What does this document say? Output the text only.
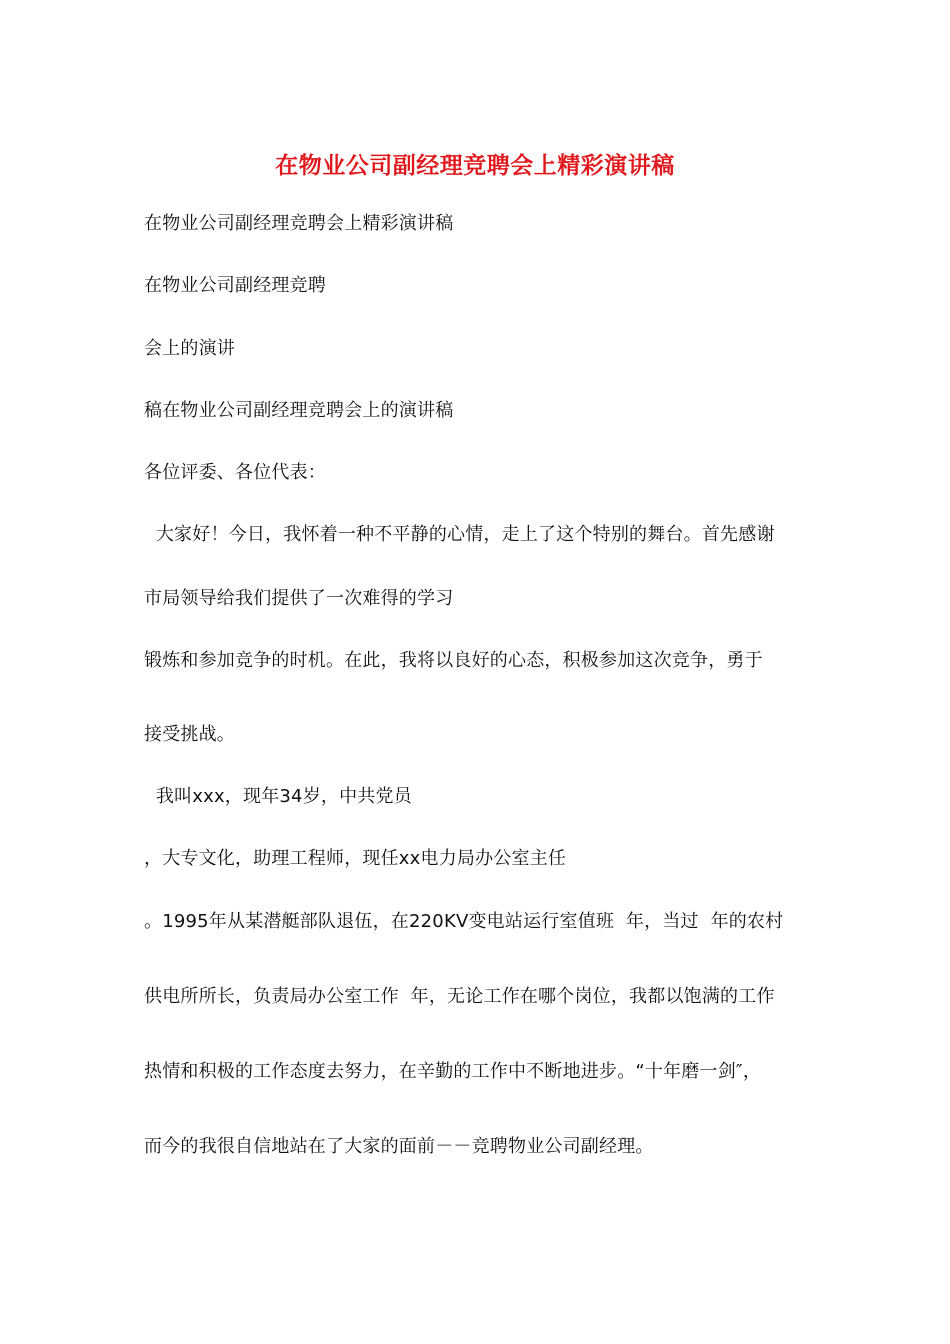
在物业公司副经理竞聘会上精彩演讲稿
在物业公司副经理竞聘会上精彩演讲稿
在物业公司副经理竞聘
会上的演讲
稿在物业公司副经理竞聘会上的演讲稿
各位评委、各位代表：
大家好！今日，我怀着一种不平静的心情，走上了这个特别的舞台。首先感谢
市局领导给我们提供了一次难得的学习
锻炼和参加竞争的时机。在此，我将以良好的心态，积极参加这次竞争，勇于
接受挑战。
我叫xxx，现年34岁，中共党员
，大专文化，助理工程师，现任xx电力局办公室主任
。1995年从某潜艇部队退伍，在220KV变电站运行室值班  年，当过  年的农村
供电所所长，负责局办公室工作  年，无论工作在哪个岗位，我都以饱满的工作
热情和积极的工作态度去努力，在辛勤的工作中不断地进步。“十年磨一剑″，
而今的我很自信地站在了大家的面前－－竞聘物业公司副经理。
